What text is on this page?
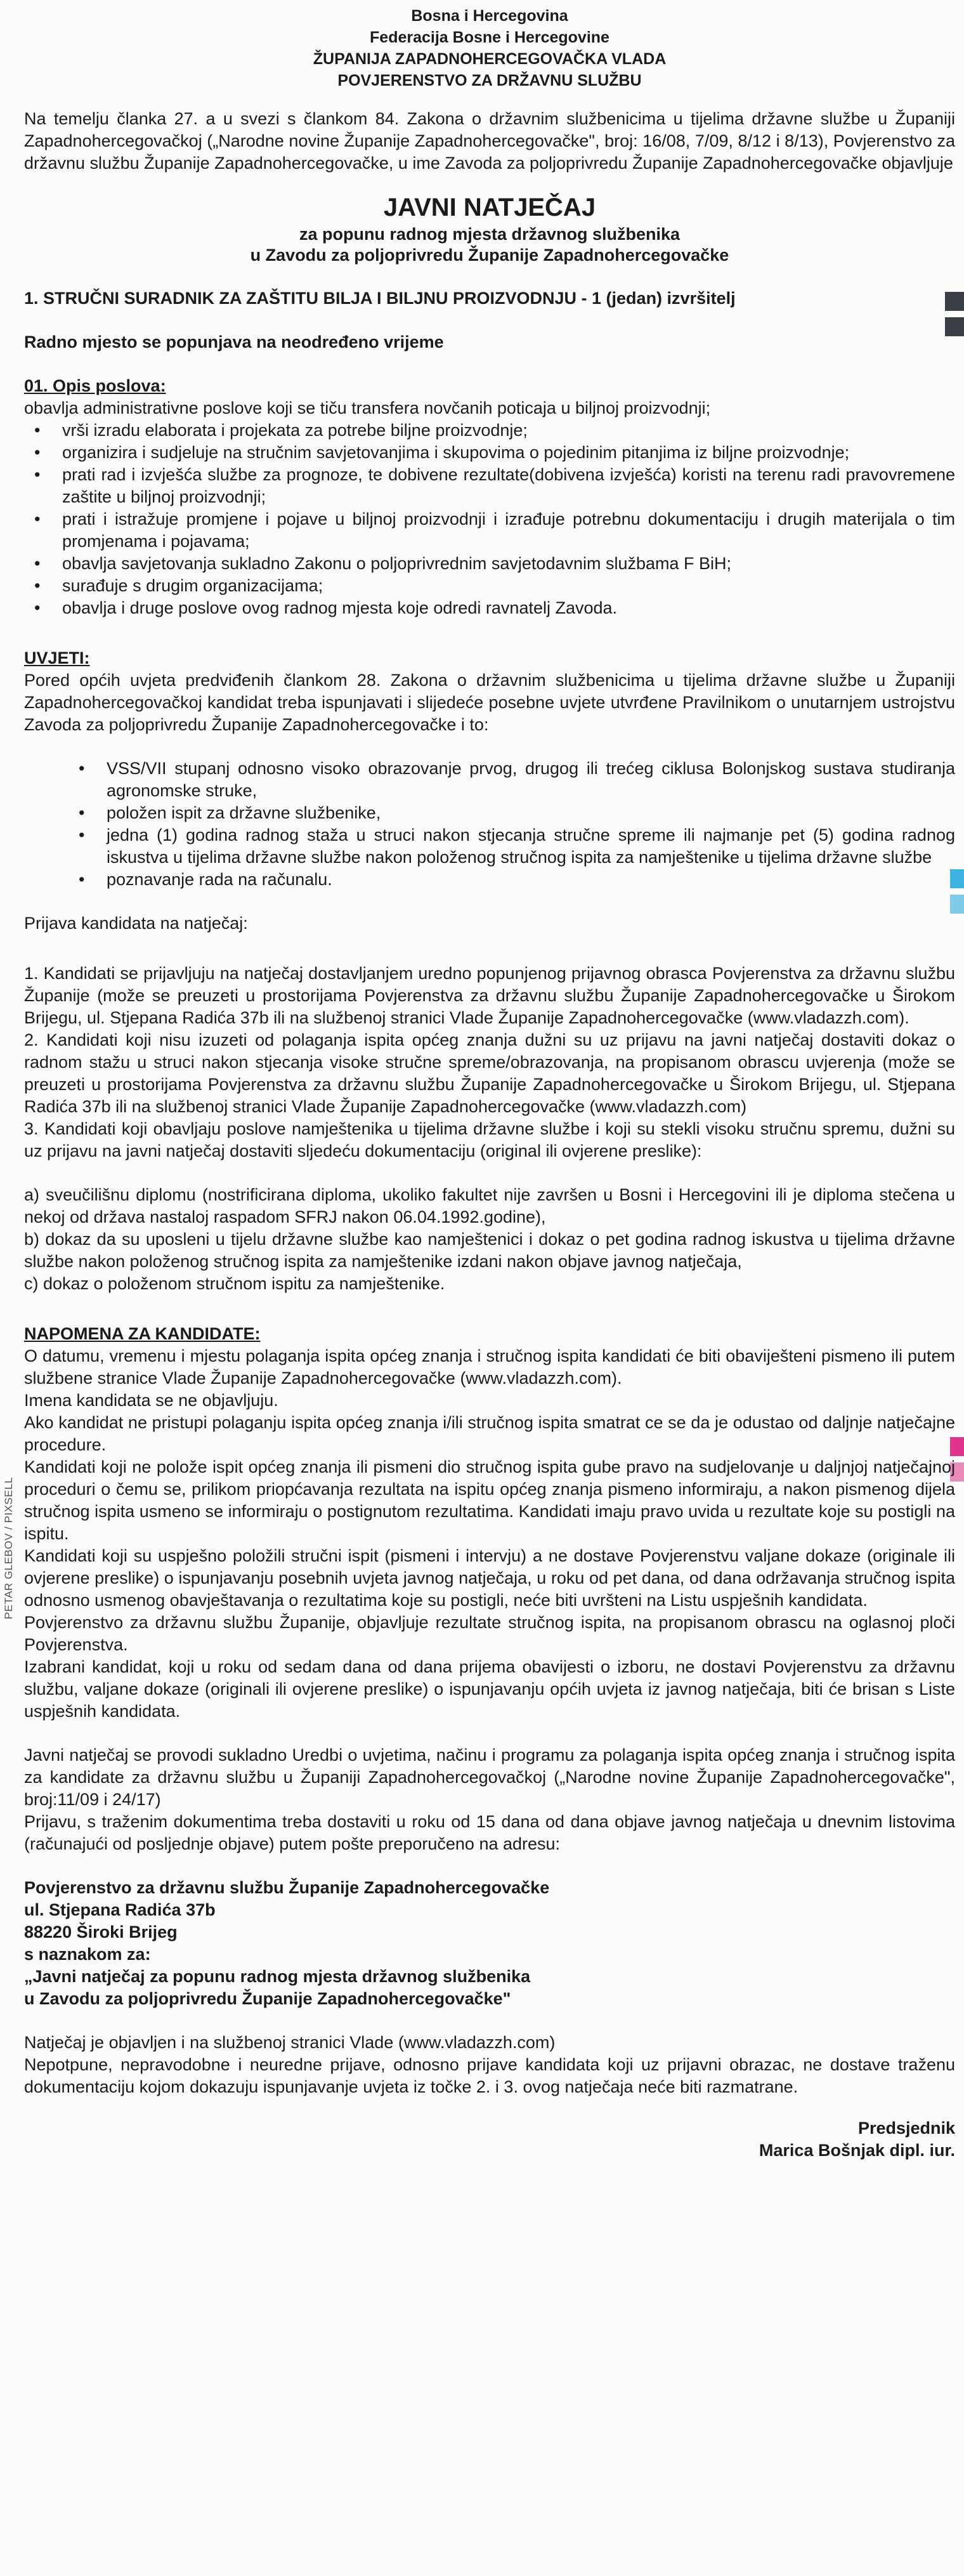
PETAR GLEBOV / PIXSELL

Bosna i Hercegovina

Federacija Bosne i Hercegovine

ŽUPANIJA ZAPADNOHERCEGOVAČKA VLADA

POVJERENSTVO ZA DRŽAVNU SLUŽBU

Na temelju članka 27. a u svezi s člankom 84. Zakona o državnim službenicima u tijelima državne službe u Županiji Zapadnohercegovačkoj („Narodne novine Županije Zapadnohercegovačke", broj: 16/08, 7/09, 8/12 i 8/13), Povjerenstvo za državnu službu Županije Zapadnohercegovačke, u ime Zavoda za poljoprivredu Županije Zapadnohercegovačke objavljuje

JAVNI NATJEČAJ

za popunu radnog mjesta državnog službenika

u Zavodu za poljoprivredu Županije Zapadnohercegovačke

1. STRUČNI SURADNIK ZA ZAŠTITU BILJA I BILJNU PROIZVODNJU - 1 (jedan) izvršitelj

Radno mjesto se popunjava na neodređeno vrijeme

01. Opis poslova:

obavlja administrativne poslove koji se tiču transfera novčanih poticaja u biljnoj proizvodnji;

• vrši izradu elaborata i projekata za potrebe biljne proizvodnje;
• organizira i sudjeluje na stručnim savjetovanjima i skupovima o pojedinim pitanjima iz biljne proizvodnje;
• prati rad i izvješća službe za prognoze, te dobivene rezultate(dobivena izvješća) koristi na terenu radi pravovremene zaštite u biljnoj proizvodnji;
• prati i istražuje promjene i pojave u biljnoj proizvodnji i izrađuje potrebnu dokumentaciju i drugih materijala o tim promjenama i pojavama;
• obavlja savjetovanja sukladno Zakonu o poljoprivrednim savjetodavnim službama F BiH;
• surađuje s drugim organizacijama;
• obavlja i druge poslove ovog radnog mjesta koje odredi ravnatelj Zavoda.

UVJETI:

Pored općih uvjeta predviđenih člankom 28. Zakona o državnim službenicima u tijelima državne službe u Županiji Zapadnohercegovačkoj kandidat treba ispunjavati i slijedeće posebne uvjete utvrđene Pravilnikom o unutarnjem ustrojstvu Zavoda za poljoprivredu Županije Zapadnohercegovačke i to:

• VSS/VII stupanj odnosno visoko obrazovanje prvog, drugog ili trećeg ciklusa Bolonjskog sustava studiranja agronomske struke,
• položen ispit za državne službenike,
• jedna (1) godina radnog staža u struci nakon stjecanja stručne spreme ili najmanje pet (5) godina radnog iskustva u tijelima državne službe nakon položenog stručnog ispita za namještenike u tijelima državne službe
• poznavanje rada na računalu.

Prijava kandidata na natječaj:

1. Kandidati se prijavljuju na natječaj dostavljanjem uredno popunjenog prijavnog obrasca Povjerenstva za državnu službu Županije (može se preuzeti u prostorijama Povjerenstva za državnu službu Županije Zapadnohercegovačke u Širokom Brijegu, ul. Stjepana Radića 37b ili na službenoj stranici Vlade Županije Zapadnohercegovačke (www.vladazzh.com).

2. Kandidati koji nisu izuzeti od polaganja ispita općeg znanja dužni su uz prijavu na javni natječaj dostaviti dokaz o radnom stažu u struci nakon stjecanja visoke stručne spreme/obrazovanja, na propisanom obrascu uvjerenja (može se preuzeti u prostorijama Povjerenstva za državnu službu Županije Zapadnohercegovačke u Širokom Brijegu, ul. Stjepana Radića 37b ili na službenoj stranici Vlade Županije Zapadnohercegovačke (www.vladazzh.com)

3. Kandidati koji obavljaju poslove namještenika u tijelima državne službe i koji su stekli visoku stručnu spremu, dužni su uz prijavu na javni natječaj dostaviti sljedeću dokumentaciju (original ili ovjerene preslike):

a) sveučilišnu diplomu (nostrificirana diploma, ukoliko fakultet nije završen u Bosni i Hercegovini ili je diploma stečena u nekoj od država nastaloj raspadom SFRJ nakon 06.04.1992.godine),

b) dokaz da su uposleni u tijelu državne službe kao namještenici i dokaz o pet godina radnog iskustva u tijelima državne službe nakon položenog stručnog ispita za namještenike izdani nakon objave javnog natječaja,

c) dokaz o položenom stručnom ispitu za namještenike.

NAPOMENA ZA KANDIDATE:

O datumu, vremenu i mjestu polaganja ispita općeg znanja i stručnog ispita kandidati će biti obaviješteni pismeno ili putem službene stranice Vlade Županije Zapadnohercegovačke (www.vladazzh.com).

Imena kandidata se ne objavljuju.

Ako kandidat ne pristupi polaganju ispita općeg znanja i/ili stručnog ispita smatrat ce se da je odustao od daljnje natječajne procedure.

Kandidati koji ne polože ispit općeg znanja ili pismeni dio stručnog ispita gube pravo na sudjelovanje u daljnjoj natječajnoj proceduri o čemu se, prilikom priopćavanja rezultata na ispitu općeg znanja pismeno informiraju, a nakon pismenog dijela stručnog ispita usmeno se informiraju o postignutom rezultatima. Kandidati imaju pravo uvida u rezultate koje su postigli na ispitu.

Kandidati koji su uspješno položili stručni ispit (pismeni i intervju) a ne dostave Povjerenstvu valjane dokaze (originale ili ovjerene preslike) o ispunjavanju posebnih uvjeta javnog natječaja, u roku od pet dana, od dana održavanja stručnog ispita odnosno usmenog obavještavanja o rezultatima koje su postigli, neće biti uvršteni na Listu uspješnih kandidata.

Povjerenstvo za državnu službu Županije, objavljuje rezultate stručnog ispita, na propisanom obrascu na oglasnoj ploči Povjerenstva.

Izabrani kandidat, koji u roku od sedam dana od dana prijema obavijesti o izboru, ne dostavi Povjerenstvu za državnu službu, valjane dokaze (originali ili ovjerene preslike) o ispunjavanju općih uvjeta iz javnog natječaja, biti će brisan s Liste uspješnih kandidata.

Javni natječaj se provodi sukladno Uredbi o uvjetima, načinu i programu za polaganja ispita općeg znanja i stručnog ispita za kandidate za državnu službu u Županiji Zapadnohercegovačkoj („Narodne novine Županije Zapadnohercegovačke", broj:11/09 i 24/17)

Prijavu, s traženim dokumentima treba dostaviti u roku od 15 dana od dana objave javnog natječaja u dnevnim listovima (računajući od posljednje objave) putem pošte preporučeno na adresu:

Povjerenstvo za državnu službu Županije Zapadnohercegovačke

ul. Stjepana Radića 37b

88220 Široki Brijeg

s naznakom za:

„Javni natječaj za popunu radnog mjesta državnog službenika

u Zavodu za poljoprivredu Županije Zapadnohercegovačke"

Natječaj je objavljen i na službenoj stranici Vlade (www.vladazzh.com)

Nepotpune, nepravodobne i neuredne prijave, odnosno prijave kandidata koji uz prijavni obrazac, ne dostave traženu dokumentaciju kojom dokazuju ispunjavanje uvjeta iz točke 2. i 3. ovog natječaja neće biti razmatrane.

Predsjednik

Marica Bošnjak dipl. iur.
